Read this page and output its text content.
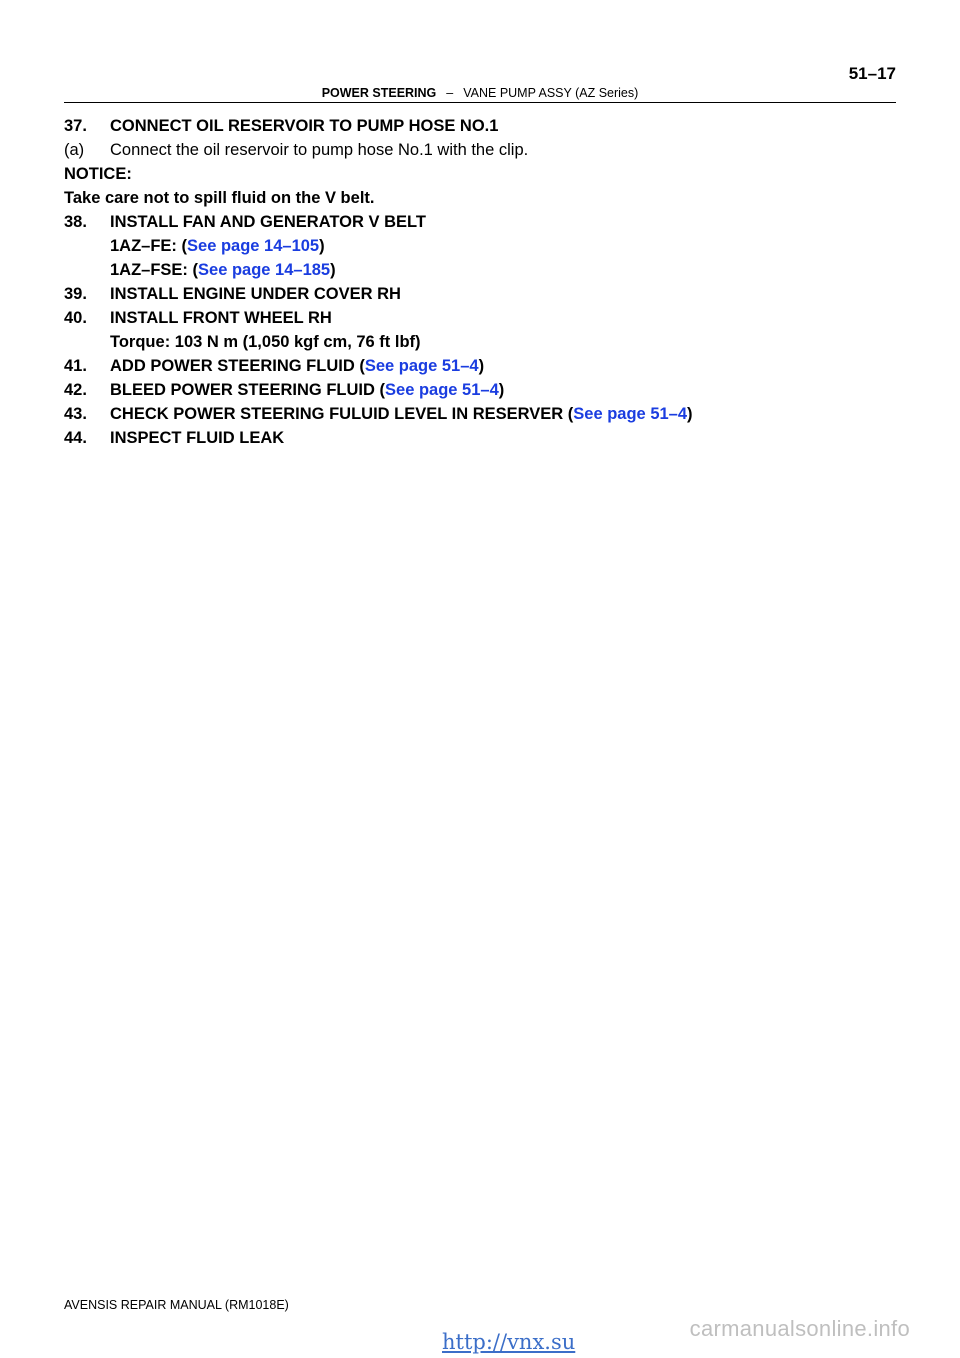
51–17
POWER STEERING – VANE PUMP ASSY (AZ Series)
37. CONNECT OIL RESERVOIR TO PUMP HOSE NO.1
(a) Connect the oil reservoir to pump hose No.1 with the clip.
NOTICE:
Take care not to spill fluid on the V belt.
38. INSTALL FAN AND GENERATOR V BELT
1AZ–FE: (See page 14–105)
1AZ–FSE: (See page 14–185)
39. INSTALL ENGINE UNDER COVER RH
40. INSTALL FRONT WHEEL RH
Torque: 103 N m (1,050 kgf cm, 76 ft lbf)
41. ADD POWER STEERING FLUID (See page 51–4)
42. BLEED POWER STEERING FLUID (See page 51–4)
43. CHECK POWER STEERING FULUID LEVEL IN RESERVER (See page 51–4)
44. INSPECT FLUID LEAK
AVENSIS REPAIR MANUAL (RM1018E)
carmanualsonline.info
http://vnx.su
